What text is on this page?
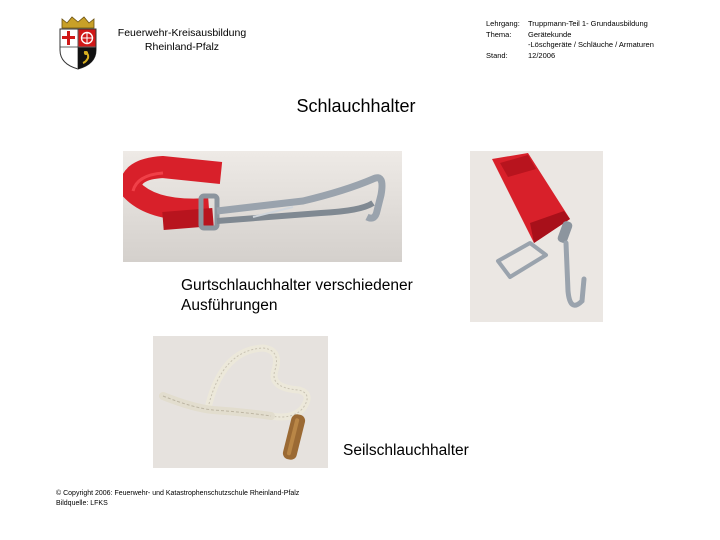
Feuerwehr-Kreisausbildung
Rheinland-Pfalz
Lehrgang: Truppmann-Teil 1- Grundausbildung
Thema: Gerätekunde
-Löschgeräte / Schläuche / Armaturen
Stand:	12/2006
Schlauchhalter
Gurtschlauchhalter verschiedener
Ausführungen
Seilschlauchhalter
© Copyright 2006: Feuerwehr- und Katastrophenschutzschule Rheinland-Pfalz
Bildquelle: LFKS
